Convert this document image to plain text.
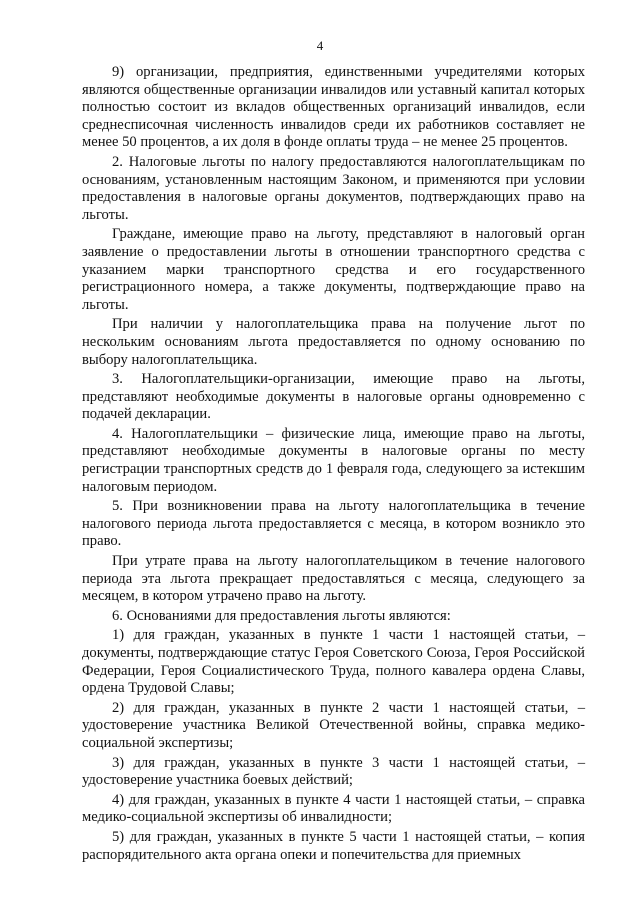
4

9) организации, предприятия, единственными учредителями которых являются общественные организации инвалидов или уставный капитал которых полностью состоит из вкладов общественных организаций инвалидов, если среднесписочная численность инвалидов среди их работников составляет не менее 50 процентов, а их доля в фонде оплаты труда – не менее 25 процентов.

2. Налоговые льготы по налогу предоставляются налогоплательщикам по основаниям, установленным настоящим Законом, и применяются при условии предоставления в налоговые органы документов, подтверждающих право на льготы.

Граждане, имеющие право на льготу, представляют в налоговый орган заявление о предоставлении льготы в отношении транспортного средства с указанием марки транспортного средства и его государственного регистрационного номера, а также документы, подтверждающие право на льготы.

При наличии у налогоплательщика права на получение льгот по нескольким основаниям льгота предоставляется по одному основанию по выбору налогоплательщика.

3. Налогоплательщики-организации, имеющие право на льготы, представляют необходимые документы в налоговые органы одновременно с подачей декларации.

4. Налогоплательщики – физические лица, имеющие право на льготы, представляют необходимые документы в налоговые органы по месту регистрации транспортных средств до 1 февраля года, следующего за истекшим налоговым периодом.

5. При возникновении права на льготу налогоплательщика в течение налогового периода льгота предоставляется с месяца, в котором возникло это право.

При утрате права на льготу налогоплательщиком в течение налогового периода эта льгота прекращает предоставляться с месяца, следующего за месяцем, в котором утрачено право на льготу.

6. Основаниями для предоставления льготы являются:

1) для граждан, указанных в пункте 1 части 1 настоящей статьи, – документы, подтверждающие статус Героя Советского Союза, Героя Российской Федерации, Героя Социалистического Труда, полного кавалера ордена Славы, ордена Трудовой Славы;

2) для граждан, указанных в пункте 2 части 1 настоящей статьи, – удостоверение участника Великой Отечественной войны, справка медико-социальной экспертизы;

3) для граждан, указанных в пункте 3 части 1 настоящей статьи, – удостоверение участника боевых действий;

4) для граждан, указанных в пункте 4 части 1 настоящей статьи, – справка медико-социальной экспертизы об инвалидности;

5) для граждан, указанных в пункте 5 части 1 настоящей статьи, – копия распорядительного акта органа опеки и попечительства для приемных
